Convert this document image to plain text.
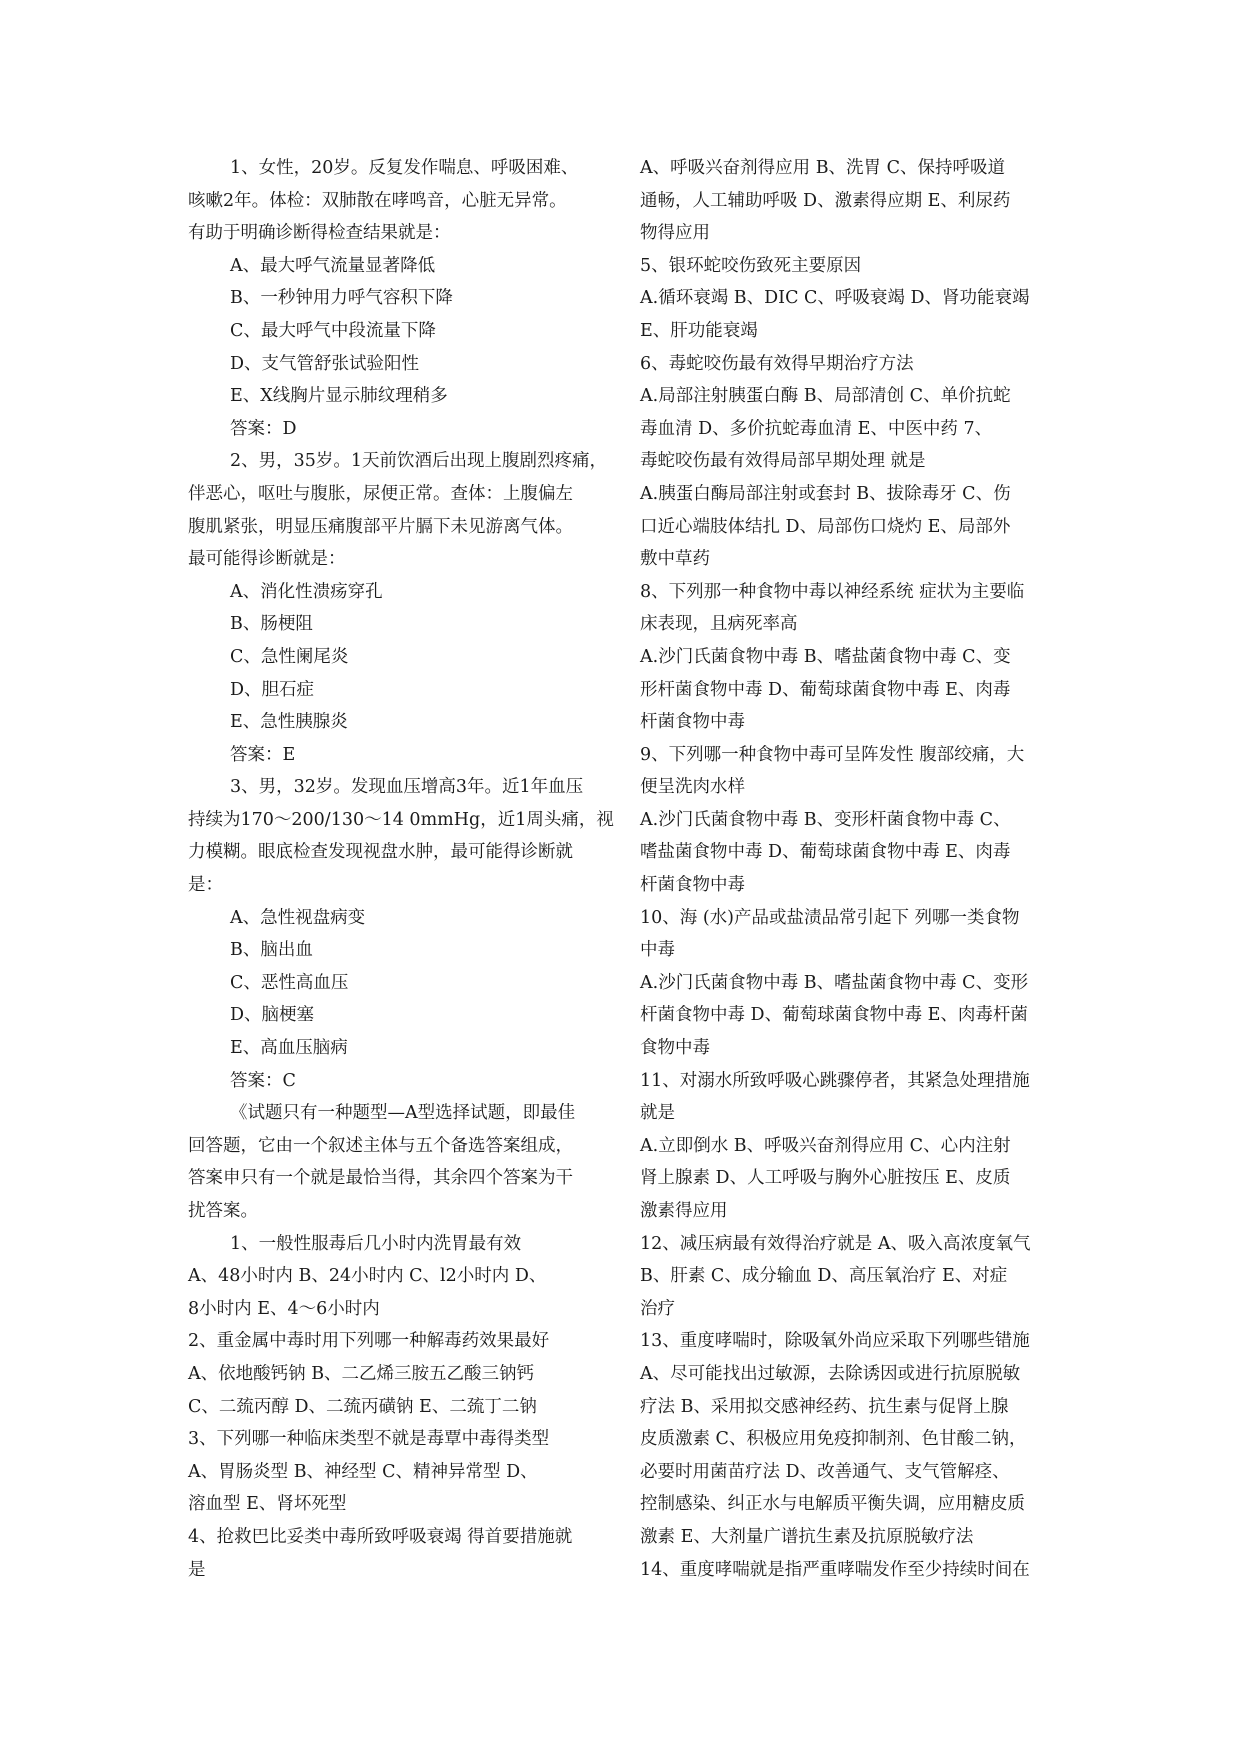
1、女性，20岁。反复发作喘息、呼吸困难、
咳嗽2年。体检：双肺散在哮鸣音，心脏无异常。
有助于明确诊断得检查结果就是：
A、最大呼气流量显著降低
B、一秒钟用力呼气容积下降
C、最大呼气中段流量下降
D、支气管舒张试验阳性
E、X线胸片显示肺纹理稍多
答案：D
2、男，35岁。1天前饮酒后出现上腹剧烈疼痛，
伴恶心，呕吐与腹胀，尿便正常。查体：上腹偏左
腹肌紧张，明显压痛腹部平片膈下未见游离气体。
最可能得诊断就是：
A、消化性溃疡穿孔
B、肠梗阻
C、急性阑尾炎
D、胆石症
E、急性胰腺炎
答案：E
3、男，32岁。发现血压增高3年。近1年血压
持续为170～200/130～14 0mmHg，近1周头痛，视
力模糊。眼底检查发现视盘水肿，最可能得诊断就
是：
A、急性视盘病变
B、脑出血
C、恶性高血压
D、脑梗塞
E、高血压脑病
答案：C
《试题只有一种题型—A型选择试题，即最佳
回答题，它由一个叙述主体与五个备选答案组成，
答案申只有一个就是最恰当得，其余四个答案为干
扰答案。
1、一般性服毒后几小时内洗胃最有效
A、48小时内 B、24小时内 C、l2小时内 D、
8小时内 E、4～6小时内
2、重金属中毒时用下列哪一种解毒药效果最好
A、依地酸钙钠 B、二乙烯三胺五乙酸三钠钙
C、二巯丙醇 D、二巯丙磺钠 E、二巯丁二钠
3、下列哪一种临床类型不就是毒覃中毒得类型
A、胃肠炎型 B、神经型 C、精神异常型 D、
溶血型 E、肾坏死型
4、抢救巴比妥类中毒所致呼吸衰竭 得首要措施就
是
A、呼吸兴奋剂得应用 B、洗胃 C、保持呼吸道
通畅，人工辅助呼吸 D、激素得应期 E、利尿药
物得应用
5、银环蛇咬伤致死主要原因
A.循环衰竭 B、DIC C、呼吸衰竭 D、肾功能衰竭
E、肝功能衰竭
6、毒蛇咬伤最有效得早期治疗方法
A.局部注射胰蛋白酶 B、局部清创 C、单价抗蛇
毒血清 D、多价抗蛇毒血清 E、中医中药 7、
毒蛇咬伤最有效得局部早期处理 就是
A.胰蛋白酶局部注射或套封 B、拔除毒牙 C、伤
口近心端肢体结扎 D、局部伤口烧灼 E、局部外
敷中草药
8、下列那一种食物中毒以神经系统 症状为主要临
床表现，且病死率高
A.沙门氏菌食物中毒 B、嗜盐菌食物中毒 C、变
形杆菌食物中毒 D、葡萄球菌食物中毒 E、肉毒
杆菌食物中毒
9、下列哪一种食物中毒可呈阵发性 腹部绞痛，大
便呈洗肉水样
A.沙门氏菌食物中毒 B、变形杆菌食物中毒 C、
嗜盐菌食物中毒 D、葡萄球菌食物中毒 E、肉毒
杆菌食物中毒
10、海 (水)产品或盐渍品常引起下 列哪一类食物
中毒
A.沙门氏菌食物中毒 B、嗜盐菌食物中毒 C、变形
杆菌食物中毒 D、葡萄球菌食物中毒 E、肉毒杆菌
食物中毒
11、对溺水所致呼吸心跳骤停者，其紧急处理措施
就是
A.立即倒水 B、呼吸兴奋剂得应用 C、心内注射
肾上腺素 D、人工呼吸与胸外心脏按压 E、皮质
激素得应用
12、减压病最有效得治疗就是 A、吸入高浓度氧气
B、肝素 C、成分输血 D、高压氧治疗 E、对症
治疗
13、重度哮喘时，除吸氧外尚应采取下列哪些错施
A、尽可能找出过敏源，去除诱因或进行抗原脱敏
疗法 B、采用拟交感神经药、抗生素与促肾上腺
皮质激素 C、积极应用免疫抑制剂、色甘酸二钠，
必要时用菌苗疗法 D、改善通气、支气管解痉、
控制感染、纠正水与电解质平衡失调，应用糖皮质
激素 E、大剂量广谱抗生素及抗原脱敏疗法
14、重度哮喘就是指严重哮喘发作至少持续时间在
